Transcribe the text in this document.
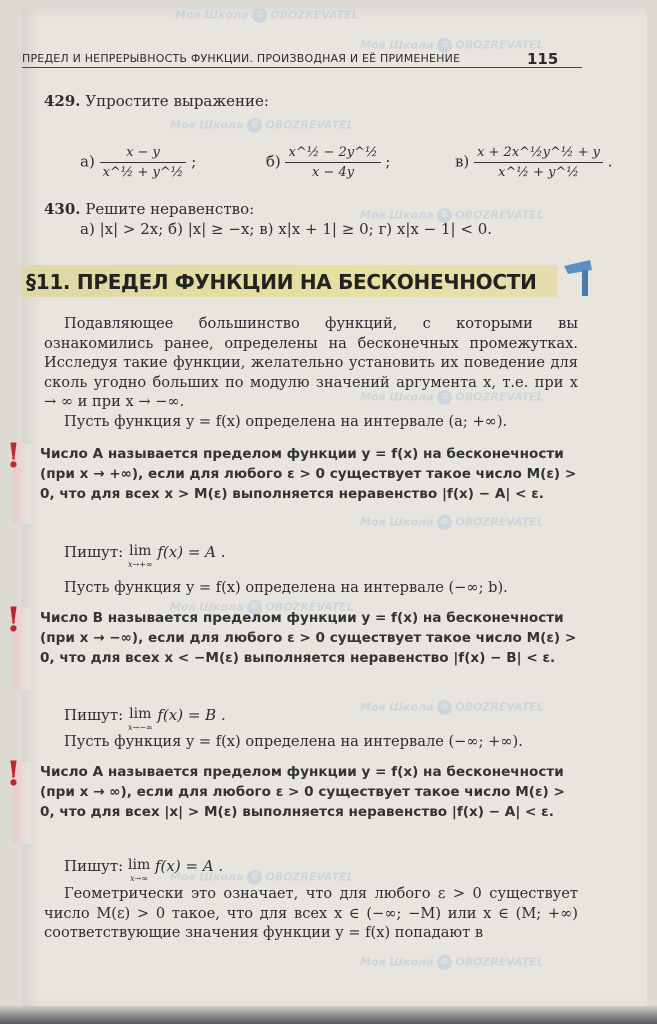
Моя Школа © OBOZREVATEL
Моя Школа © OBOZREVATEL
Моя Школа © OBOZREVATEL
Моя Школа © OBOZREVATEL
Моя Школа © OBOZREVATEL
Моя Школа © OBOZREVATEL
Моя Школа © OBOZREVATEL
Моя Школа © OBOZREVATEL
Моя Школа © OBOZREVATEL
Моя Школа © OBOZREVATEL
ПРЕДЕЛ И НЕПРЕРЫВНОСТЬ ФУНКЦИИ. ПРОИЗВОДНАЯ И ЕЁ ПРИМЕНЕНИЕ	115
429. Упростите выражение:
$а) \frac{x - y}{\text{x\textasciicircum{}½ + y\textasciicircum{}½}}$ ;	$б) \frac{\text{x\textasciicircum{}½ − 2y\textasciicircum{}½}}{x - 4y}$ ;	$в) \frac{\text{x + 2x\textasciicircum{}½y\textasciicircum{}½ + y}}{\text{x\textasciicircum{}½ + y\textasciicircum{}½}}$ .
430. Решите неравенство:
а) |x| > 2x; б) |x| ≥ −x; в) x|x + 1| ≥ 0; г) x|x − 1| < 0.
§11. ПРЕДЕЛ ФУНКЦИИ НА БЕСКОНЕЧНОСТИ
Подавляющее большинство функций, с которыми вы ознакомились ранее, определены на бесконечных промежутках. Исследуя такие функции, желательно установить их поведение для сколь угодно больших по модулю значений аргумента x, т.е. при x → ∞ и при x → −∞.
Пусть функция y = f(x) определена на интервале (a; +∞).
! Число A называется пределом функции y = f(x) на бесконечности (при x → +∞), если для любого ε > 0 существует такое число M(ε) > 0, что для всех x > M(ε) выполняется неравенство |f(x) − A| < ε.
Пишут: lim
x→+∞
f(x) = A .
Пусть функция y = f(x) определена на интервале (−∞; b).
! Число B называется пределом функции y = f(x) на бесконечности (при x → −∞), если для любого ε > 0 существует такое число M(ε) > 0, что для всех x < −M(ε) выполняется неравенство |f(x) − B| < ε.
Пишут: lim
x→−∞
f(x) = B .
Пусть функция y = f(x) определена на интервале (−∞; +∞).
! Число A называется пределом функции y = f(x) на бесконечности (при x → ∞), если для любого ε > 0 существует такое число M(ε) > 0, что для всех |x| > M(ε) выполняется неравенство |f(x) − A| < ε.
Пишут: lim
x→∞
f(x) = A .
Геометрически это означает, что для любого ε > 0 существует число M(ε) > 0 такое, что для всех x ∈ (−∞; −M) или x ∈ (M; +∞) соответствующие значения функции y = f(x) попадают в
